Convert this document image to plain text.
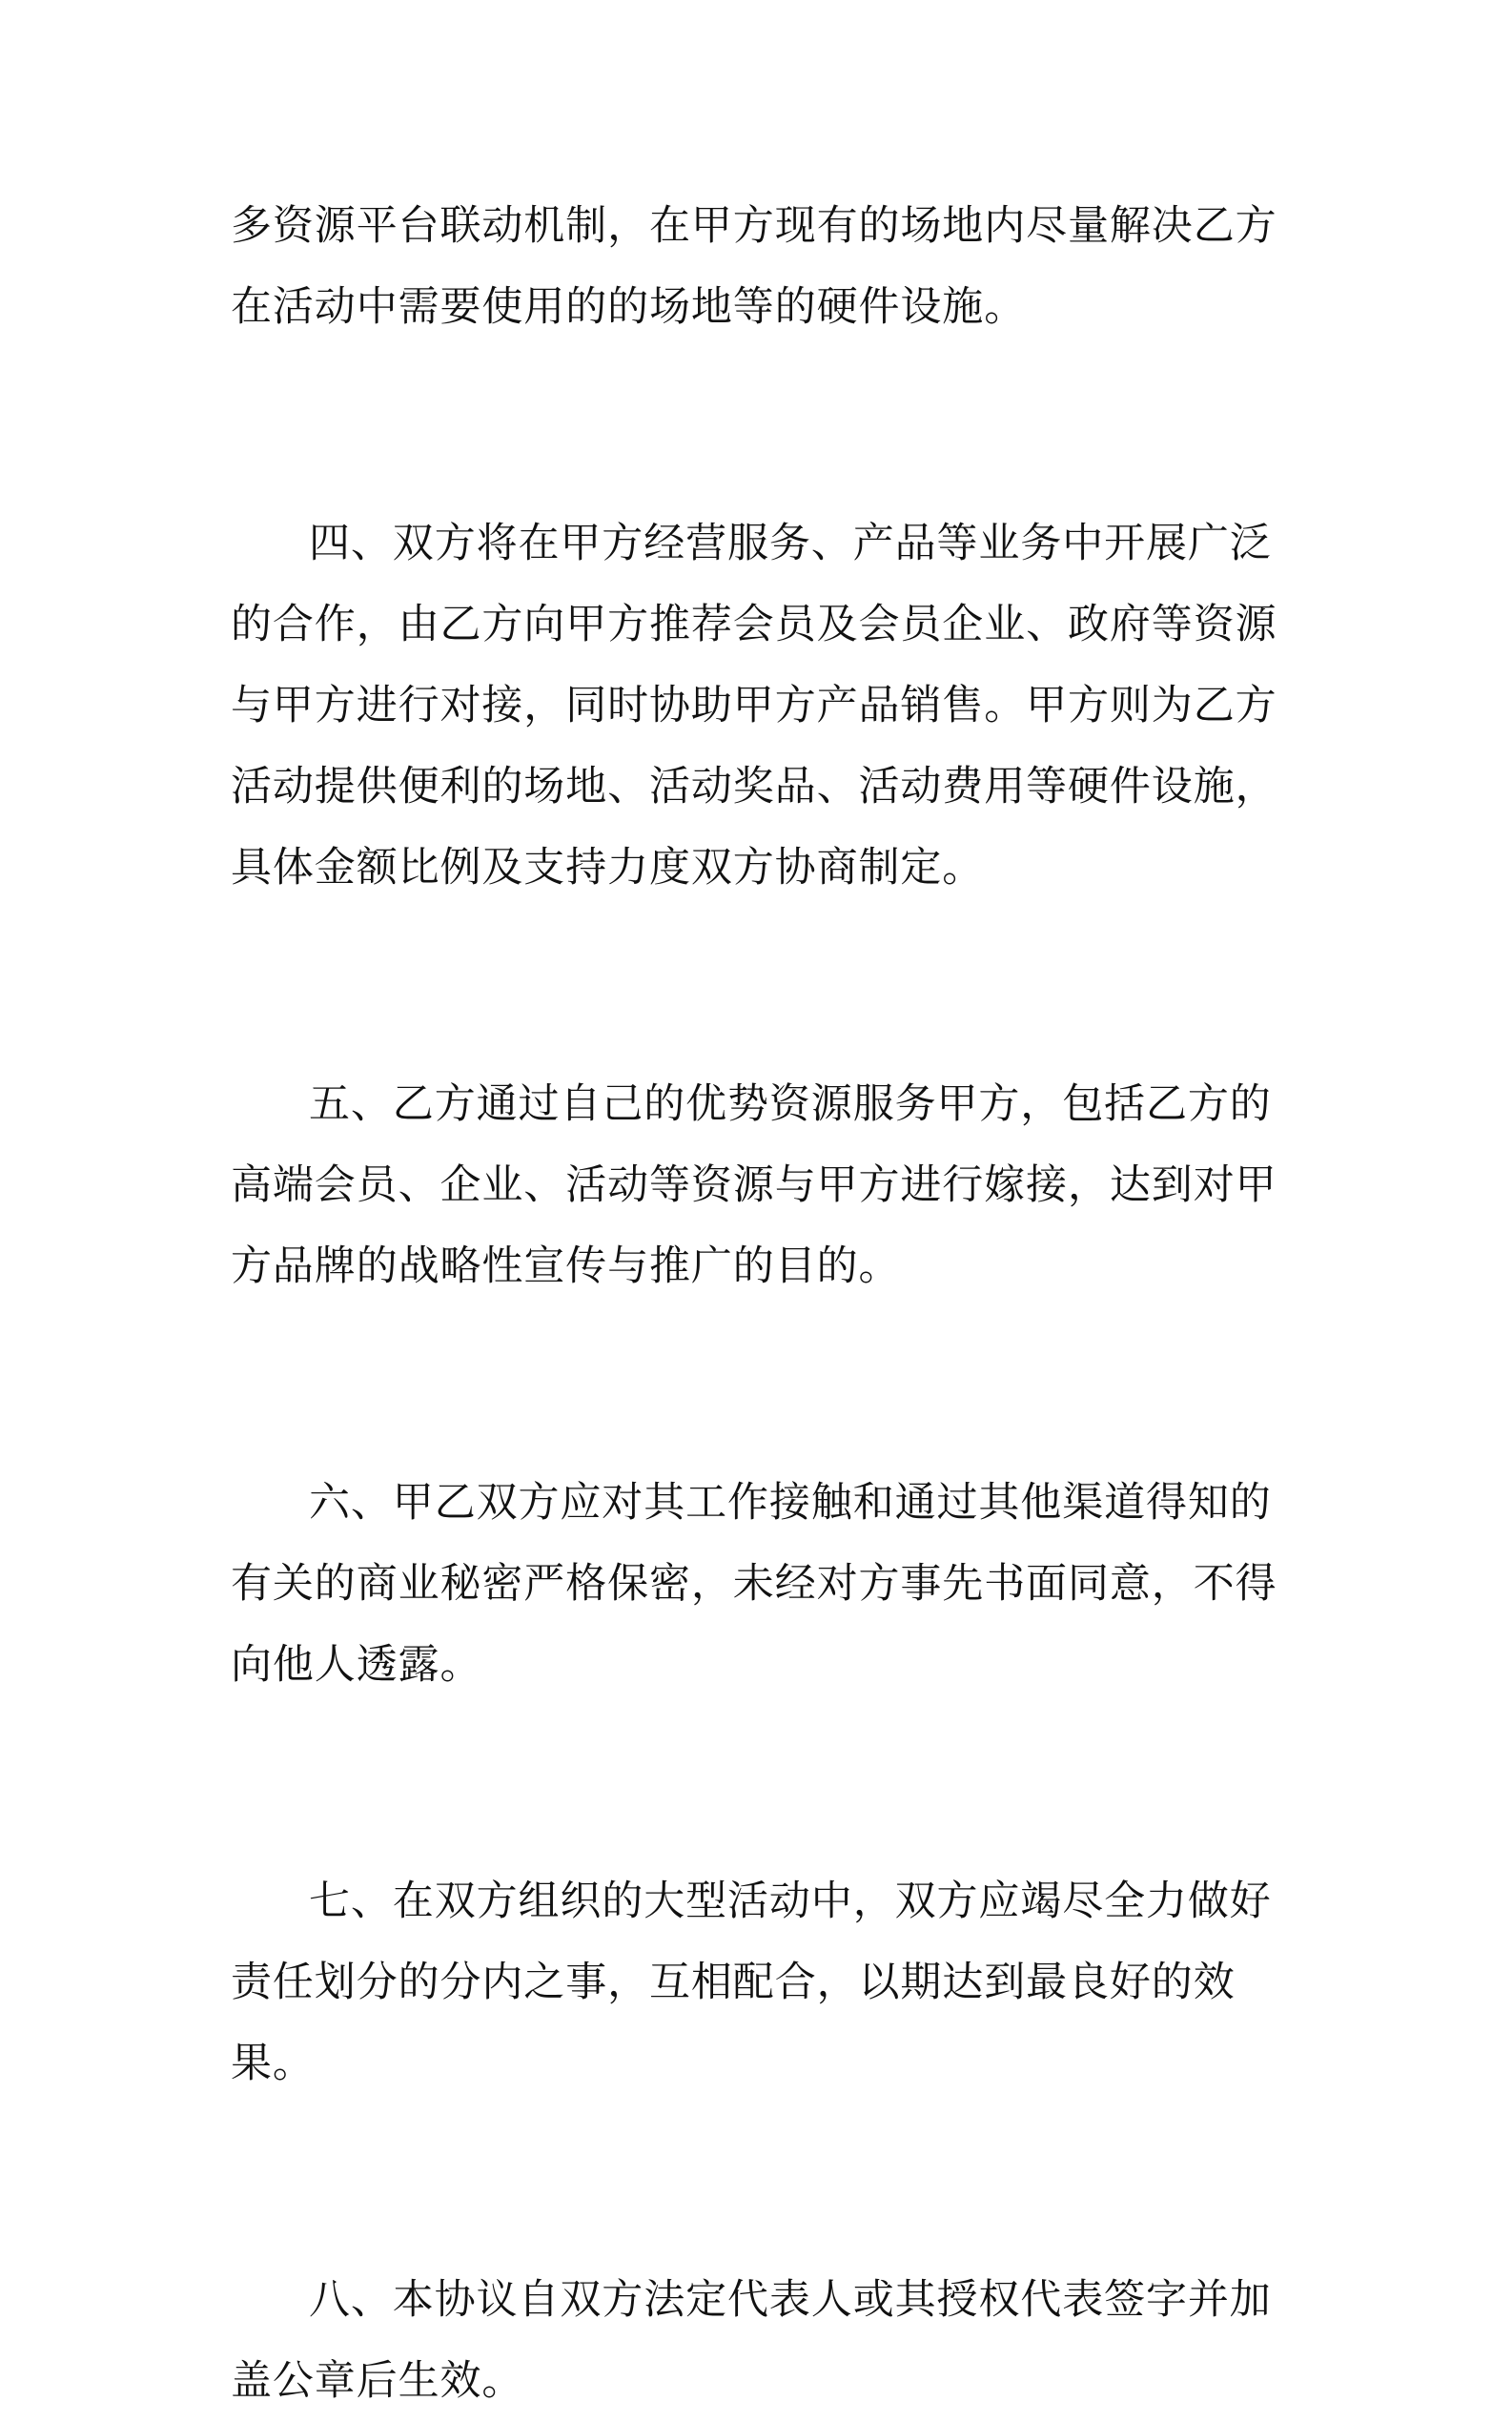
多资源平台联动机制，在甲方现有的场地内尽量解决乙方在活动中需要使用的的场地等的硬件设施。

四、双方将在甲方经营服务、产品等业务中开展广泛的合作，由乙方向甲方推荐会员及会员企业、政府等资源与甲方进行对接，同时协助甲方产品销售。甲方则为乙方活动提供便利的场地、活动奖品、活动费用等硬件设施，具体金额比例及支持力度双方协商制定。

五、乙方通过自己的优势资源服务甲方，包括乙方的高端会员、企业、活动等资源与甲方进行嫁接，达到对甲方品牌的战略性宣传与推广的目的。

六、甲乙双方应对其工作接触和通过其他渠道得知的有关的商业秘密严格保密，未经对方事先书面同意，不得向他人透露。

七、在双方组织的大型活动中，双方应竭尽全力做好责任划分的分内之事，互相配合，以期达到最良好的效果。

八、本协议自双方法定代表人或其授权代表签字并加盖公章后生效。
